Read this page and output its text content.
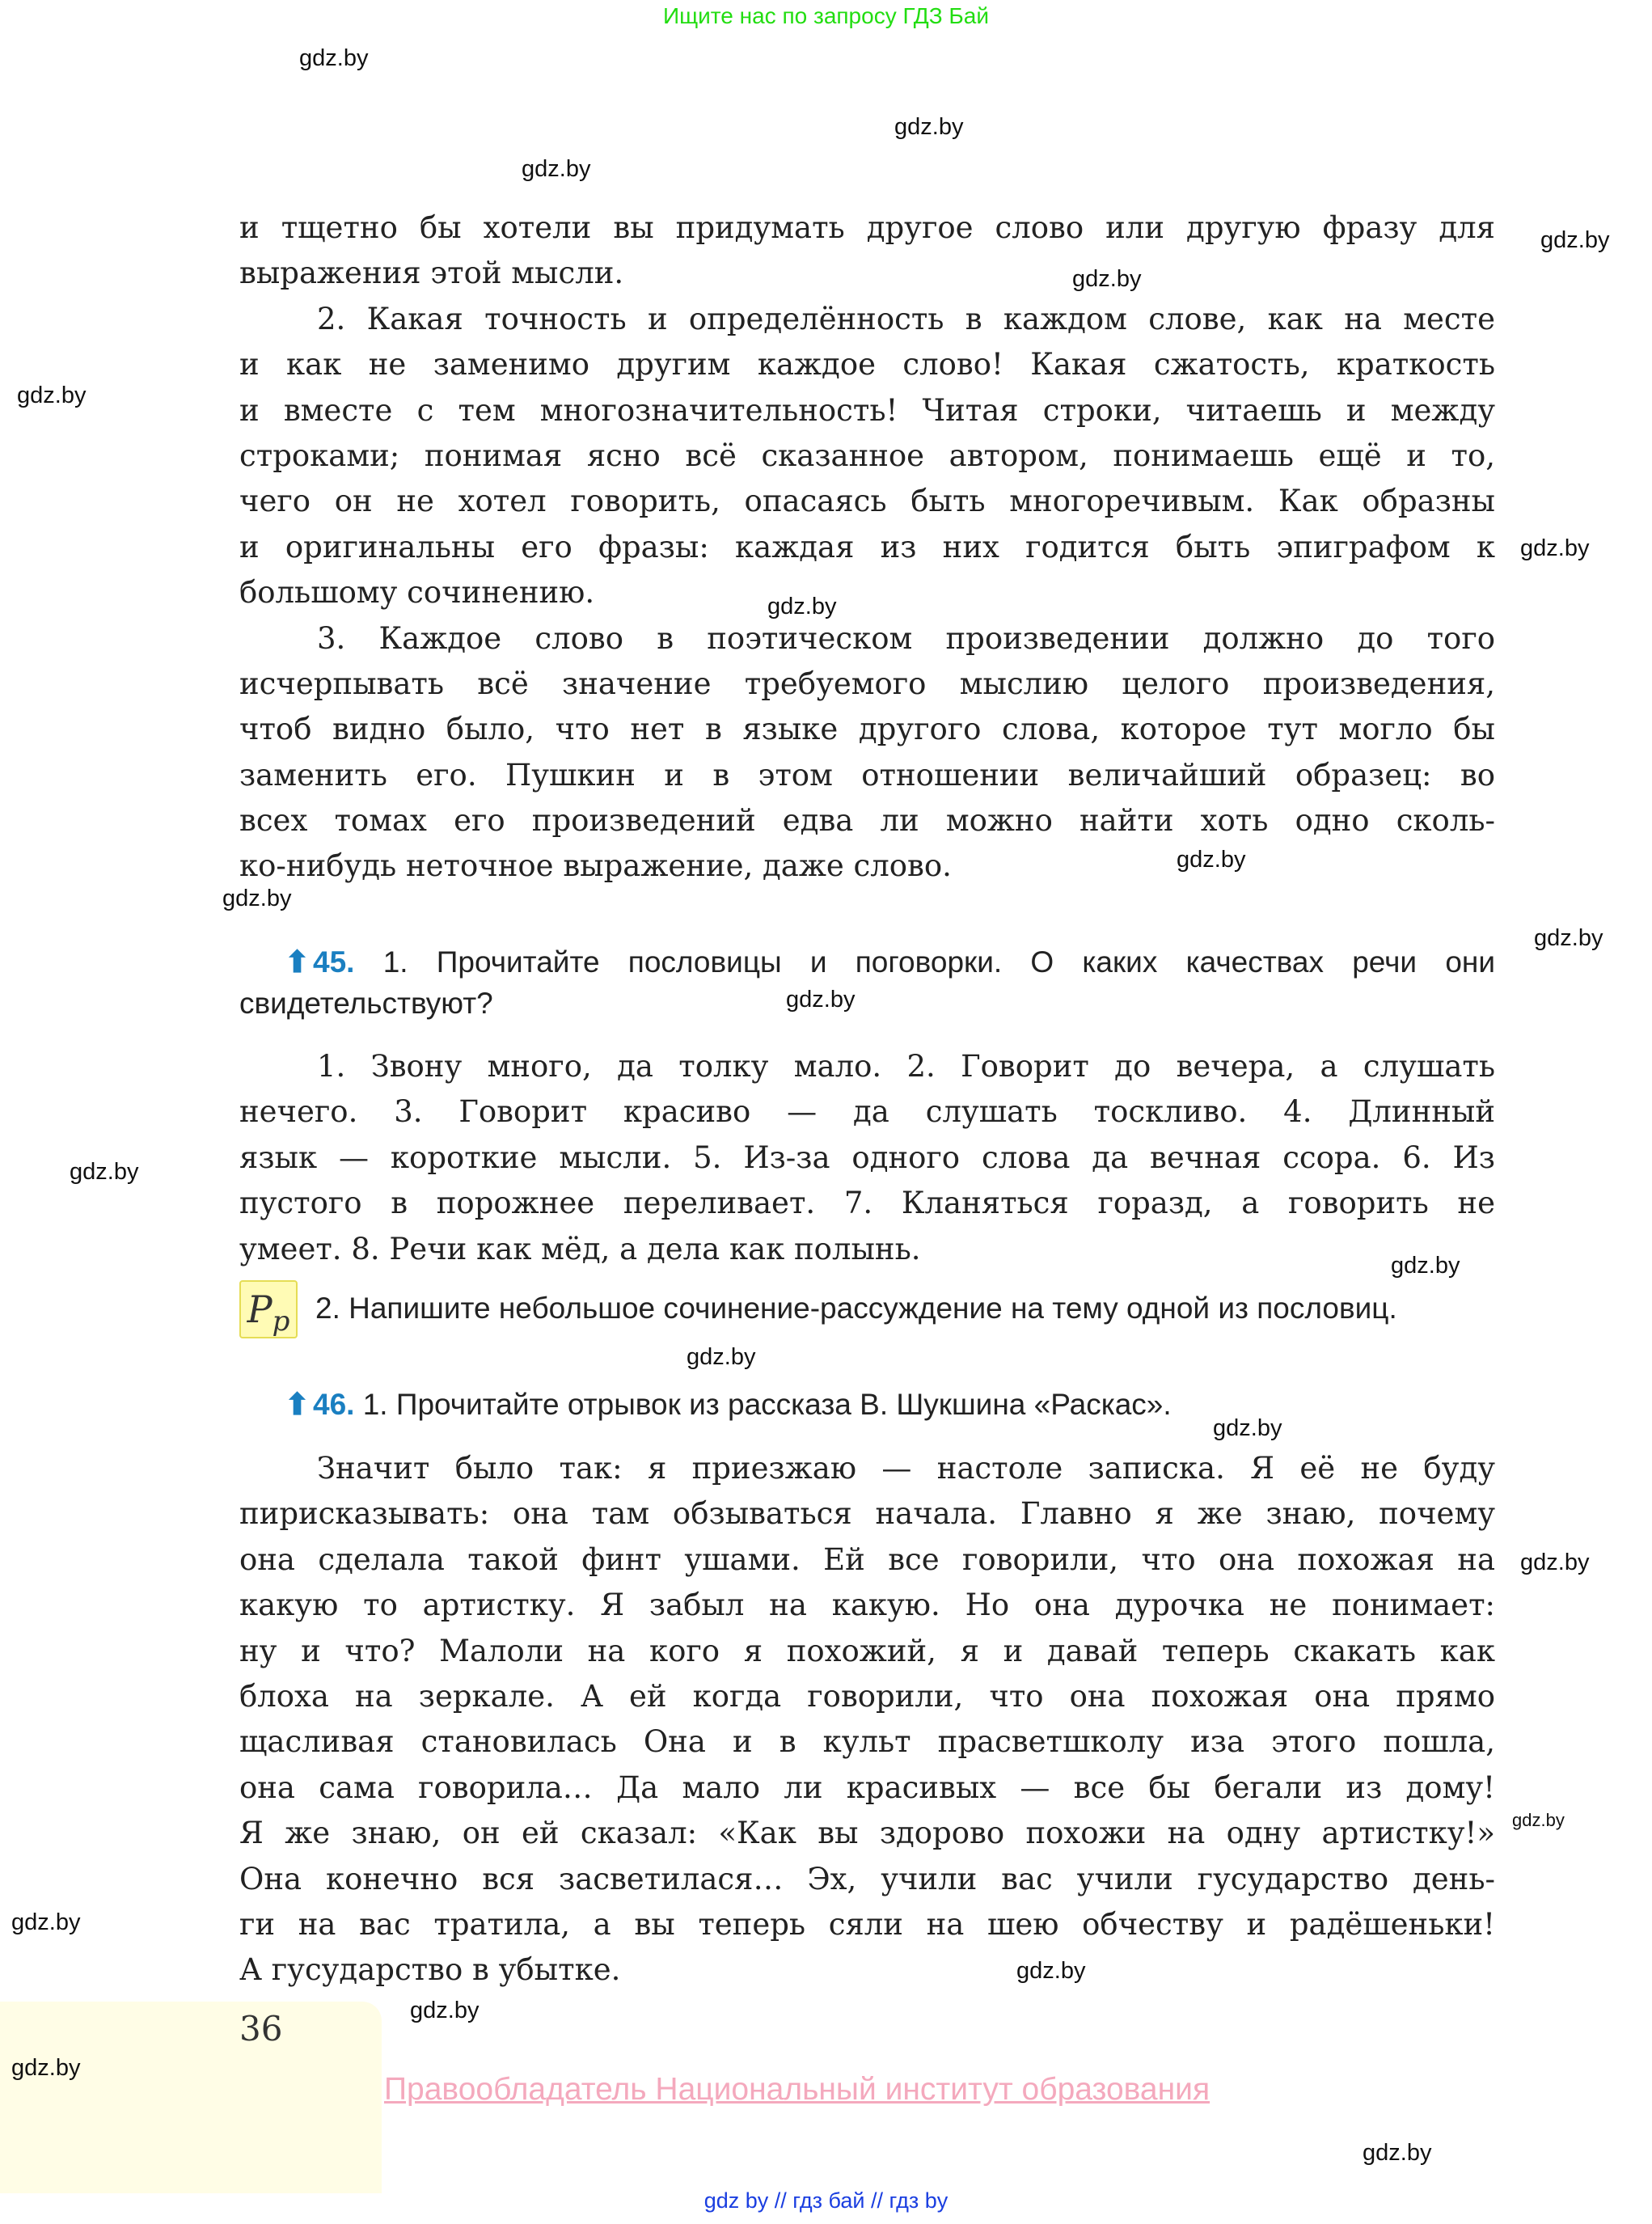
Ищите нас по запросу ГДЗ Бай
и тщетно бы хотели вы придумать другое слово или другую фразу для
выражения этой мысли.
2. Какая точность и определённость в каждом слове, как на месте
и как не заменимо другим каждое слово! Какая сжатость, краткость
и вместе с тем многозначительность! Читая строки, читаешь и между
строками; понимая ясно всё сказанное автором, понимаешь ещё и то,
чего он не хотел говорить, опасаясь быть многоречивым. Как образны
и оригинальны его фразы: каждая из них годится быть эпиграфом к
большому сочинению.
3. Каждое слово в поэтическом произведении должно до того
исчерпывать всё значение требуемого мыслию целого произведения,
чтоб видно было, что нет в языке другого слова, которое тут могло бы
заменить его. Пушкин и в этом отношении величайший образец: во
всех томах его произведений едва ли можно найти хоть одно сколь-
ко-нибудь неточное выражение, даже слово.
⬆ 45. 1. Прочитайте пословицы и поговорки. О каких качествах речи они
свидетельствуют?
1. Звону много, да толку мало. 2. Говорит до вечера, а слушать
нечего. 3. Говорит красиво — да слушать тоскливо. 4. Длинный
язык — короткие мысли. 5. Из-за одного слова да вечная ссора. 6. Из
пустого в порожнее переливает. 7. Кланяться горазд, а говорить не
умеет. 8. Речи как мёд, а дела как полынь.
$P_p$ 2. Напишите небольшое сочинение-рассуждение на тему одной из пословиц.
⬆ 46. 1. Прочитайте отрывок из рассказа В. Шукшина «Раскас».
Значит было так: я приезжаю — настоле записка. Я её не буду
пирисказывать: она там обзываться начала. Главно я же знаю, почему
она сделала такой финт ушами. Ей все говорили, что она похожая на
какую то артистку. Я забыл на какую. Но она дурочка не понимает:
ну и что? Малоли на кого я похожий, я и давай теперь скакать как
блоха на зеркале. А ей когда говорили, что она похожая она прямо
щасливая становилась Она и в культ прасветшколу иза этого пошла,
она сама говорила… Да мало ли красивых — все бы бегали из дому!
Я же знаю, он ей сказал: «Как вы здорово похожи на одну артистку!»
Она конечно вся засветилася… Эх, учили вас учили гусударство день-
ги на вас тратила, а вы теперь сяли на шею обчеству и радёшеньки!
А гусударство в убытке.
36
Правообладатель Национальный институт образования
gdz by // гдз бай // гдз by
gdz.by
gdz.by
gdz.by
gdz.by
gdz.by
gdz.by
gdz.by
gdz.by
gdz.by
gdz.by
gdz.by
gdz.by
gdz.by
gdz.by
gdz.by
gdz.by
gdz.by
gdz.by
gdz.by
gdz.by
gdz.by
gdz.by
gdz.by
